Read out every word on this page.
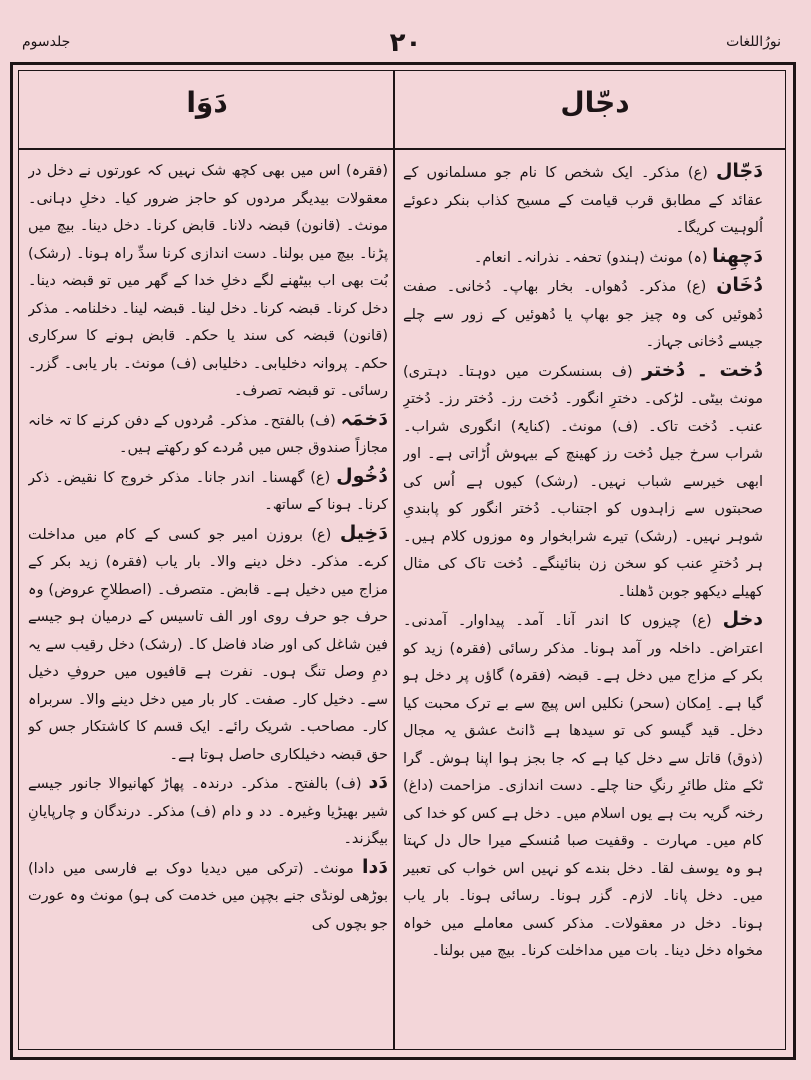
۲۰	نورُاللغات
جلدسوم
دجّال
دَوَا

دَجّال (ع) مذکر۔ ایک شخص کا نام جو مسلمانوں کے عقائد کے مطابق قرب قیامت کے مسیح کذاب بنکر دعوئے اُلوہیت کریگا۔

دَچھِنا (ہ) مونث (ہندو) تحفہ۔ نذرانہ۔ انعام۔

دُخَان (ع) مذکر۔ دُھواں۔ بخار بھاپ۔ دُخانی۔ صفت دُھوئیں کی وہ چیز جو بھاپ یا دُھوئیں کے زور سے چلے جیسے دُخانی جہاز۔

دُخت ۔ دُختر (ف بسنسکرت میں دوہتا۔ دہتری) مونث بیٹی۔ لڑکی۔ دخترِ انگور۔ دُخت رز۔ دُختر رز۔ دُخترِ عنب۔ دُخت تاک۔ (ف) مونث۔ (کنایۃً) انگوری شراب۔ شراب سرخ جیل دُخت رز کھینچ کے بیہوش اُڑاتی ہے۔ اور ابھی خیرسے شباب نہیں۔ (رشک) کیوں ہے اُس کی صحبتوں سے زاہدوں کو اجتناب۔ دُختر انگور کو پابندیِ شوہر نہیں۔ (رشک) تیرے شرابخوار وہ موزوں کلام ہیں۔ ہر دُخترِ عنب کو سخن زن بنائینگے۔ دُخت تاک کی مثال کھیلے دیکھو جوبن ڈھلنا۔

دخل (ع) چیزوں کا اندر آنا۔ آمد۔ پیداوار۔ آمدنی۔ اعتراض۔ داخلہ ور آمد ہونا۔ مذکر رسائی (فقرہ) زید کو بکر کے مزاج میں دخل ہے۔ قبضہ (فقرہ) گاؤں پر دخل ہو گیا ہے۔ اِمکان (سحر) نکلیں اس پیچ سے بے ترک محبت کیا دخل۔ قید گیسو کی تو سیدھا ہے ڈانٹ عشق یہ مجال (ذوق) قاتل سے دخل کیا ہے کہ جا بجز ہوا اپنا ہوش۔ گرا ٹکے مثل طائرِ رنگِ حنا چلے۔ دست اندازی۔ مزاحمت (داغ) رخنہ گریہ بت ہے یوں اسلام میں۔ دخل ہے کس کو خدا کی کام میں۔ مہارت ۔ وقفیت صبا مُنسکے میرا حال دل کہتا ہو وہ یوسف لقا۔ دخل بندے کو نہیں اس خواب کی تعبیر میں۔ دخل پانا۔ لازم۔ گزر ہونا۔ رسائی ہونا۔ بار یاب ہونا۔ دخل در معقولات۔ مذکر کسی معاملے میں خواہ مخواہ دخل دینا۔ بات میں مداخلت کرنا۔ بیچ میں بولنا۔

(فقرہ) اس میں بھی کچھ شک نہیں کہ عورتوں نے دخل در معقولات بیدیگر مردوں کو حاجز ضرور کیا۔ دخلِ دہانی۔ مونث۔ (قانون) قبضہ دلانا۔ قابض کرنا۔ دخل دینا۔ بیچ میں پڑنا۔ بیچ میں بولنا۔ دست اندازی کرنا سدِّ راہ ہونا۔ (رشک) بُت بھی اب بیٹھنے لگے دخلِ خدا کے گھر میں تو قبضہ دینا۔ دخل کرنا۔ قبضہ کرنا۔ دخل لینا۔ قبضہ لینا۔ دخلنامہ۔ مذکر (قانون) قبضہ کی سند یا حکم۔ قابض ہونے کا سرکاری حکم۔ پروانہ دخلیابی۔ دخلیابی (ف) مونث۔ بار یابی۔ گزر۔ رسائی۔ تو قبضہ تصرف۔

دَخمَہ (ف) بالفتح۔ مذکر۔ مُردوں کے دفن کرنے کا تہ خانہ مجازاً صندوق جس میں مُردے کو رکھتے ہیں۔

دُخُول (ع) گھسنا۔ اندر جانا۔ مذکر خروج کا نقیض۔ ذکر کرنا۔ ہونا کے ساتھ۔

دَخِیل (ع) بروزن امیر جو کسی کے کام میں مداخلت کرے۔ مذکر۔ دخل دینے والا۔ بار یاب (فقرہ) زید بکر کے مزاج میں دخیل ہے۔ قابض۔ متصرف۔ (اصطلاحِ عروض) وہ حرف جو حرف روی اور الف تاسیس کے درمیان ہو جیسے فین شاغل کی اور ضاد فاضل کا۔ (رشک) دخل رقیب سے یہ دمِ وصل تنگ ہوں۔ نفرت ہے قافیوں میں حروفِ دخیل سے۔ دخیل کار۔ صفت۔ کار بار میں دخل دینے والا۔ سربراہ کار۔ مصاحب۔ شریک رائے۔ ایک قسم کا کاشتکار جس کو حق قبضہ دخیلکاری حاصل ہوتا ہے۔

دَد (ف) بالفتح۔ مذکر۔ درندہ۔ پھاڑ کھانیوالا جانور جیسے شیر بھیڑیا وغیرہ۔ دد و دام (ف) مذکر۔ درندگان و چارپایانِ بیگزند۔

دَدا مونث۔ (ترکی میں دیدیا دوک بے فارسی میں دادا) بوڑھی لونڈی جنے بچپن میں خدمت کی ہو) مونث وہ عورت جو بچوں کی
